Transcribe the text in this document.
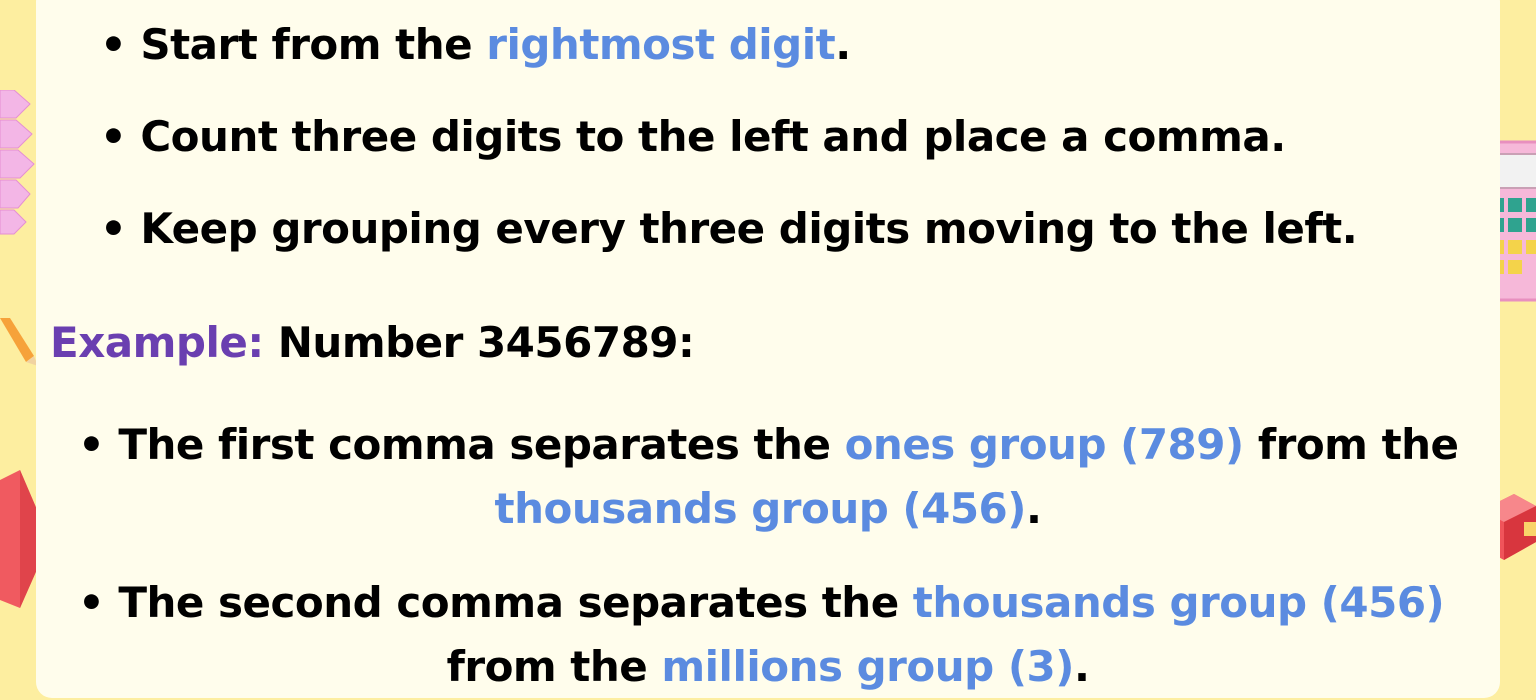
• Start from the rightmost digit.
• Count three digits to the left and place a comma.
• Keep grouping every three digits moving to the left.
Example: Number 3456789:
• The first comma separates the ones group (789) from the
thousands group (456).
• The second comma separates the thousands group (456)
from the millions group (3).
